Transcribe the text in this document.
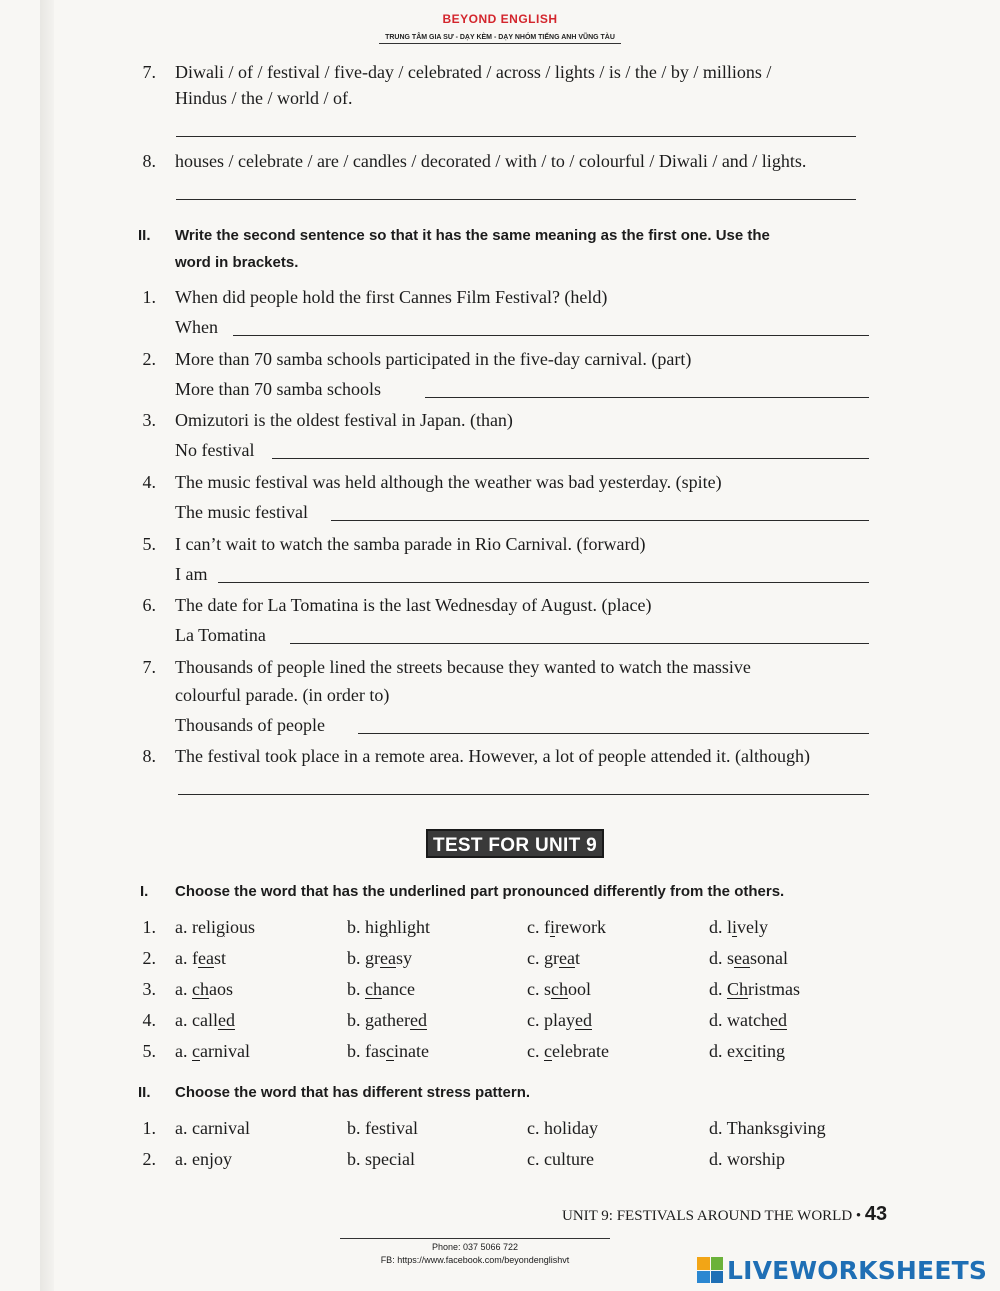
BEYOND ENGLISH
TRUNG TÂM GIA SƯ - DẠY KÈM - DẠY NHÓM TIẾNG ANH VŨNG TÀU
7. Diwali / of / festival / five-day / celebrated / across / lights / is / the / by / millions /
Hindus / the / world / of.
8. houses / celebrate / are / candles / decorated / with / to / colourful / Diwali / and / lights.
II. Write the second sentence so that it has the same meaning as the first one. Use the
word in brackets.
1. When did people hold the first Cannes Film Festival? (held)
When
2. More than 70 samba schools participated in the five-day carnival. (part)
More than 70 samba schools
3. Omizutori is the oldest festival in Japan. (than)
No festival
4. The music festival was held although the weather was bad yesterday. (spite)
The music festival
5. I can’t wait to watch the samba parade in Rio Carnival. (forward)
I am
6. The date for La Tomatina is the last Wednesday of August. (place)
La Tomatina
7. Thousands of people lined the streets because they wanted to watch the massive
colourful parade. (in order to)
Thousands of people
8. The festival took place in a remote area. However, a lot of people attended it. (although)
TEST FOR UNIT 9
I. Choose the word that has the underlined part pronounced differently from the others.
1. a. religious	b. highlight	c. firework	d. lively
2. a. feast	b. greasy	c. great	d. seasonal
3. a. chaos	b. chance	c. school	d. Christmas
4. a. called	b. gathered	c. played	d. watched
5. a. carnival	b. fascinate	c. celebrate	d. exciting
II. Choose the word that has different stress pattern.
1. a. carnival	b. festival	c. holiday	d. Thanksgiving
2. a. enjoy	b. special	c. culture	d. worship
UNIT 9: FESTIVALS AROUND THE WORLD • 43
Phone: 037 5066 722
FB: https://www.facebook.com/beyondenglishvt	LIVEWORKSHEETS
